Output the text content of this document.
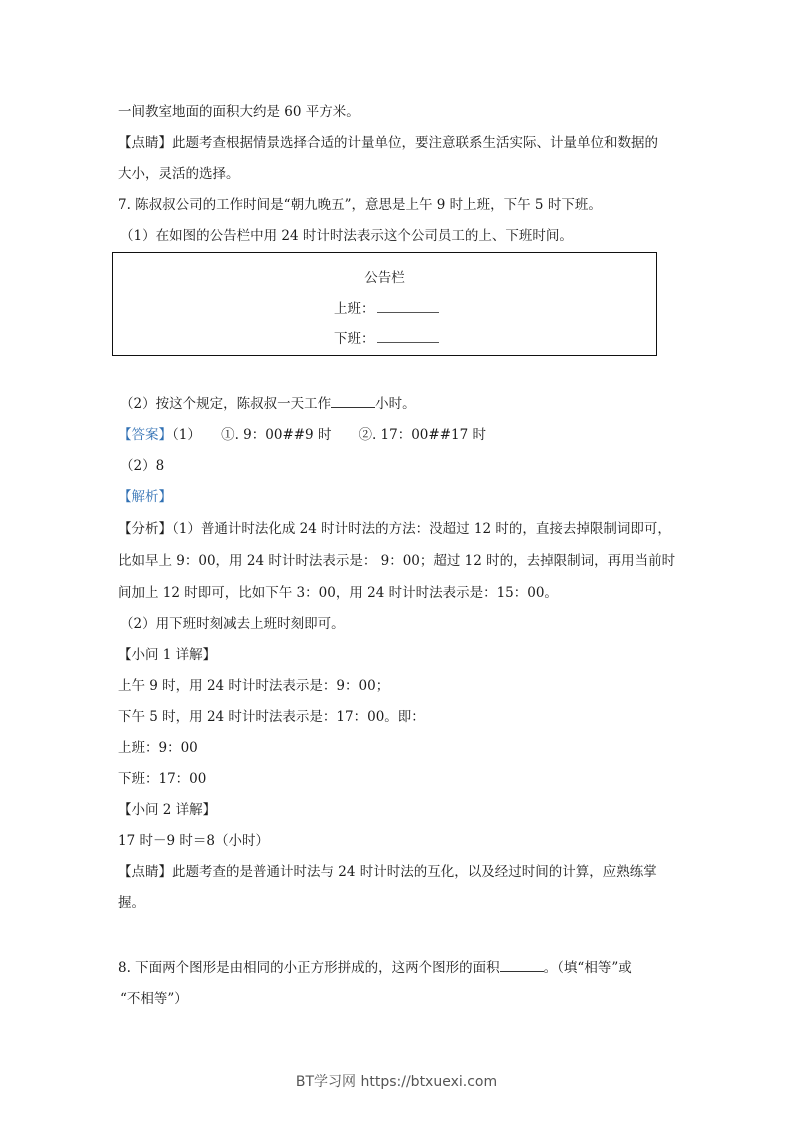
一间教室地面的面积大约是 60 平方米。
【点睛】此题考查根据情景选择合适的计量单位，要注意联系生活实际、计量单位和数据的
大小，灵活的选择。
7. 陈叔叔公司的工作时间是“朝九晚五”，意思是上午 9 时上班，下午 5 时下班。
（1）在如图的公告栏中用 24 时计时法表示这个公司员工的上、下班时间。
公告栏
上班：
下班：
（2）按这个规定，陈叔叔一天工作	小时。
【答案】（1）　　①. 9：00##9 时　　②. 17：00##17 时
（2）8
【解析】
【分析】（1）普通计时法化成 24 时计时法的方法：没超过 12 时的，直接去掉限制词即可，
比如早上 9：00，用 24 时计时法表示是： 9：00；超过 12 时的，去掉限制词，再用当前时
间加上 12 时即可，比如下午 3：00，用 24 时计时法表示是：15：00。
（2）用下班时刻减去上班时刻即可。
【小问 1 详解】
上午 9 时，用 24 时计时法表示是：9：00；
下午 5 时，用 24 时计时法表示是：17：00。即：
上班：9：00
下班：17：00
【小问 2 详解】
17 时－9 时＝8（小时）
【点睛】此题考查的是普通计时法与 24 时计时法的互化，以及经过时间的计算，应熟练掌
握。
8. 下面两个图形是由相同的小正方形拼成的，这两个图形的面积	。（填“相等”或
“不相等”）
BT学习网 https://btxuexi.com
